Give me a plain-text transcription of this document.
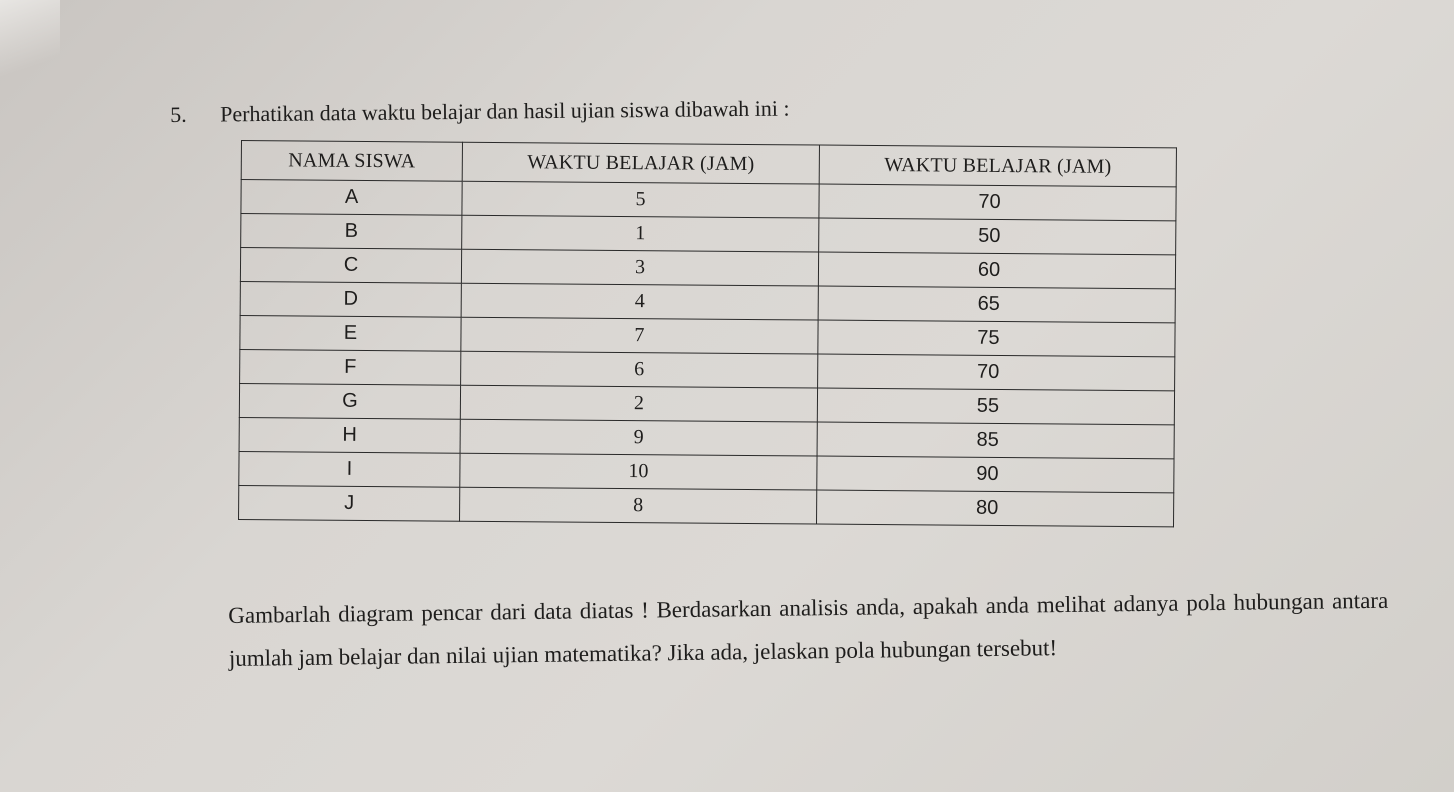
5. Perhatikan data waktu belajar dan hasil ujian siswa dibawah ini :
NAMA SISWA	WAKTU BELAJAR (JAM)	WAKTU BELAJAR (JAM)
A	5	70
B	1	50
C	3	60
D	4	65
E	7	75
F	6	70
G	2	55
H	9	85
I	10	90
J	8	80
Gambarlah diagram pencar dari data diatas ! Berdasarkan analisis anda, apakah anda melihat adanya pola hubungan antara jumlah jam belajar dan nilai ujian matematika? Jika ada, jelaskan pola hubungan tersebut!
